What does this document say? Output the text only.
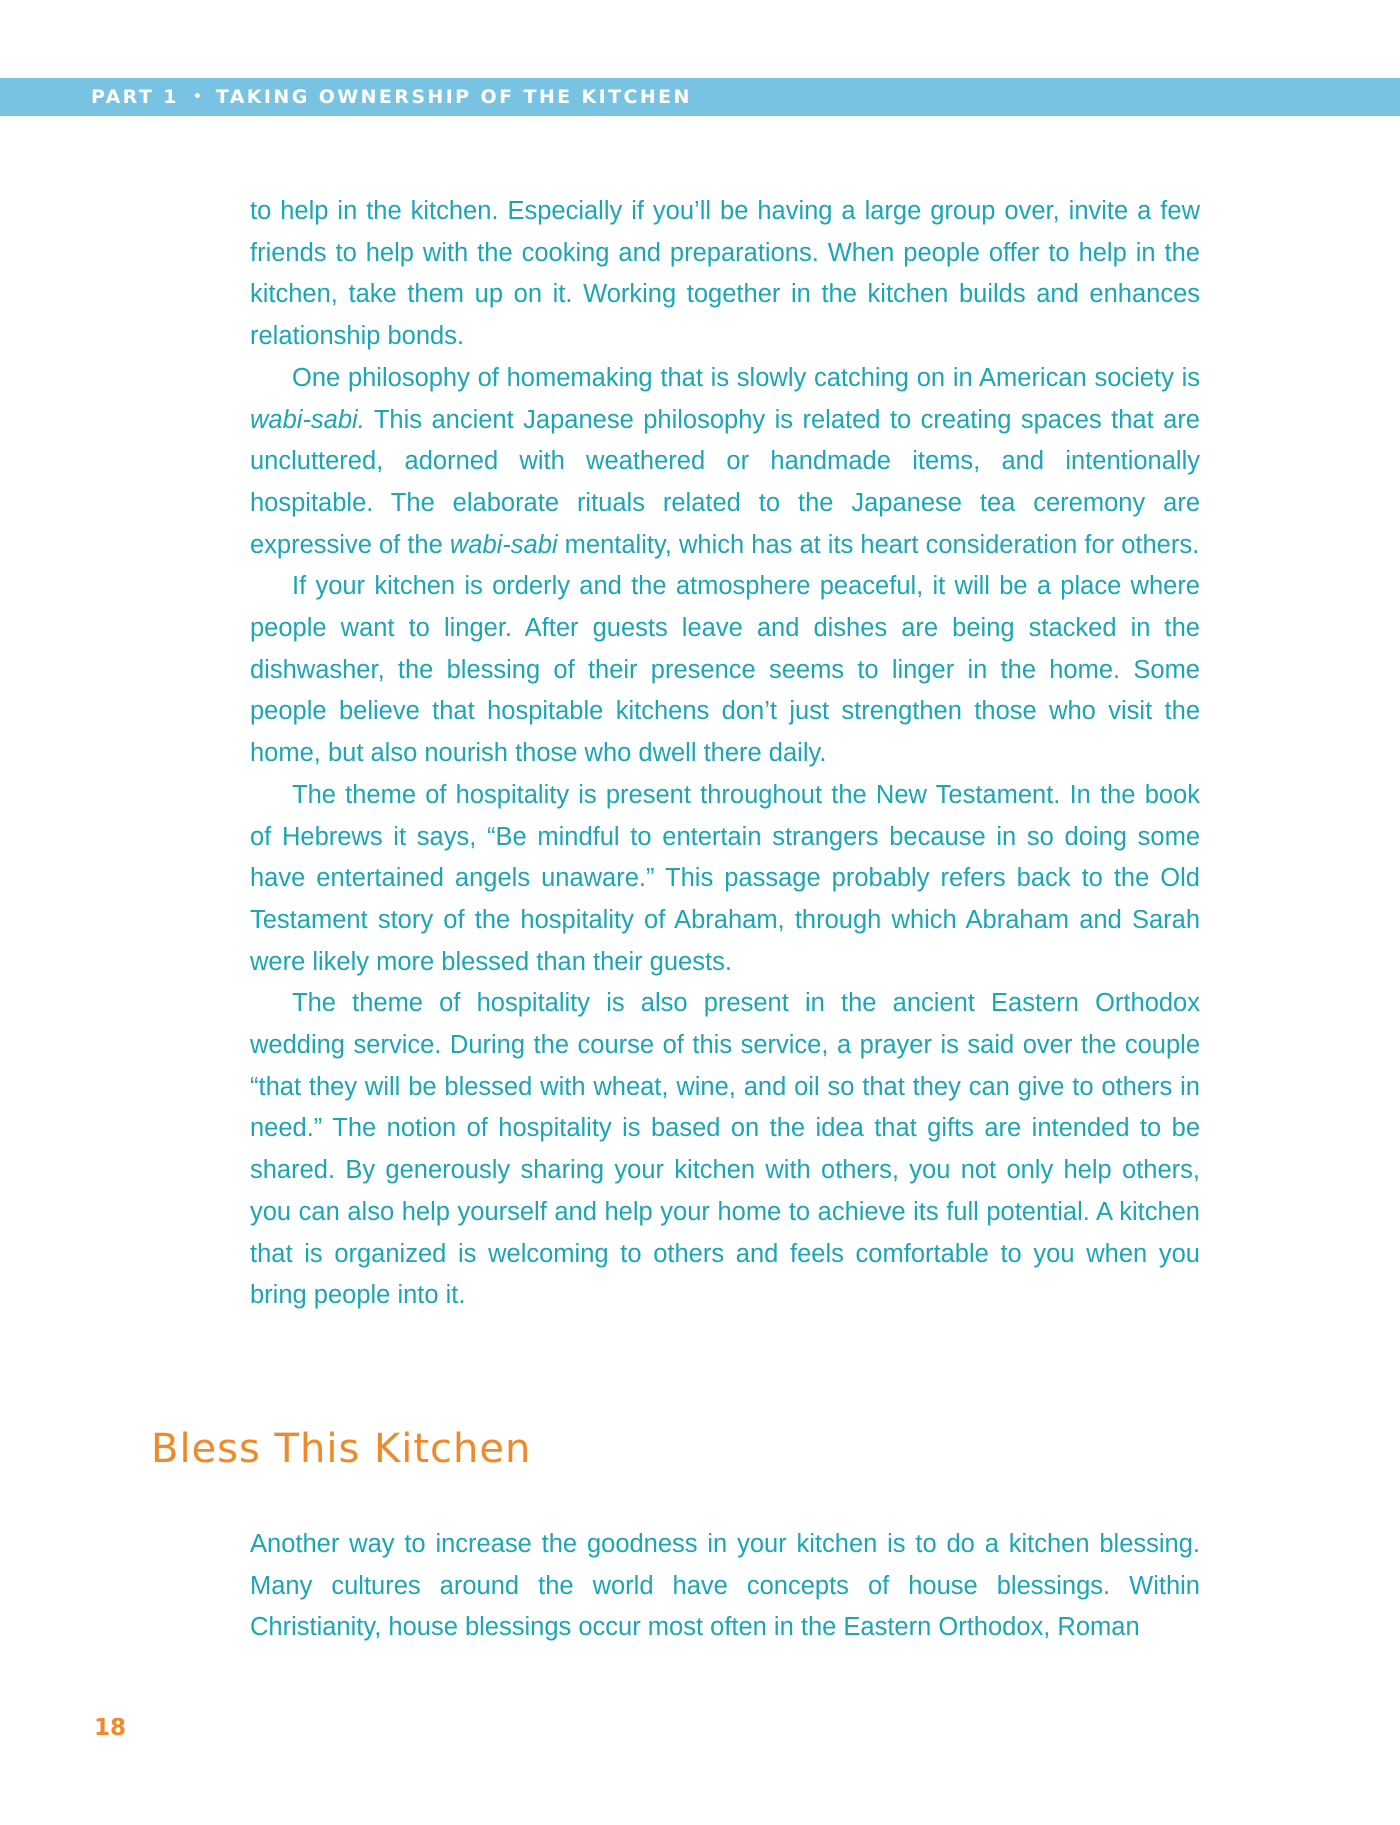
PART 1 • TAKING OWNERSHIP OF THE KITCHEN

to help in the kitchen. Especially if you’ll be having a large group over, invite a few friends to help with the cooking and preparations. When people offer to help in the kitchen, take them up on it. Working together in the kitchen builds and enhances relationship bonds.

One philosophy of homemaking that is slowly catching on in American society is wabi-sabi. This ancient Japanese philosophy is related to creating spaces that are uncluttered, adorned with weathered or handmade items, and intentionally hospitable. The elaborate rituals related to the Japanese tea ceremony are expressive of the wabi-sabi mentality, which has at its heart consideration for others.

If your kitchen is orderly and the atmosphere peaceful, it will be a place where people want to linger. After guests leave and dishes are being stacked in the dishwasher, the blessing of their presence seems to linger in the home. Some people believe that hospitable kitchens don’t just strengthen those who visit the home, but also nourish those who dwell there daily.

The theme of hospitality is present throughout the New Testament. In the book of Hebrews it says, “Be mindful to entertain strangers because in so doing some have entertained angels unaware.” This passage probably refers back to the Old Testament story of the hospitality of Abraham, through which Abraham and Sarah were likely more blessed than their guests.

The theme of hospitality is also present in the ancient Eastern Orthodox wedding service. During the course of this service, a prayer is said over the couple “that they will be blessed with wheat, wine, and oil so that they can give to others in need.” The notion of hospitality is based on the idea that gifts are intended to be shared. By generously sharing your kitchen with others, you not only help others, you can also help yourself and help your home to achieve its full potential. A kitchen that is organized is welcoming to others and feels comfortable to you when you bring people into it.

Bless This Kitchen

Another way to increase the goodness in your kitchen is to do a kitchen blessing. Many cultures around the world have concepts of house blessings. Within Christianity, house blessings occur most often in the Eastern Orthodox, Roman

18
